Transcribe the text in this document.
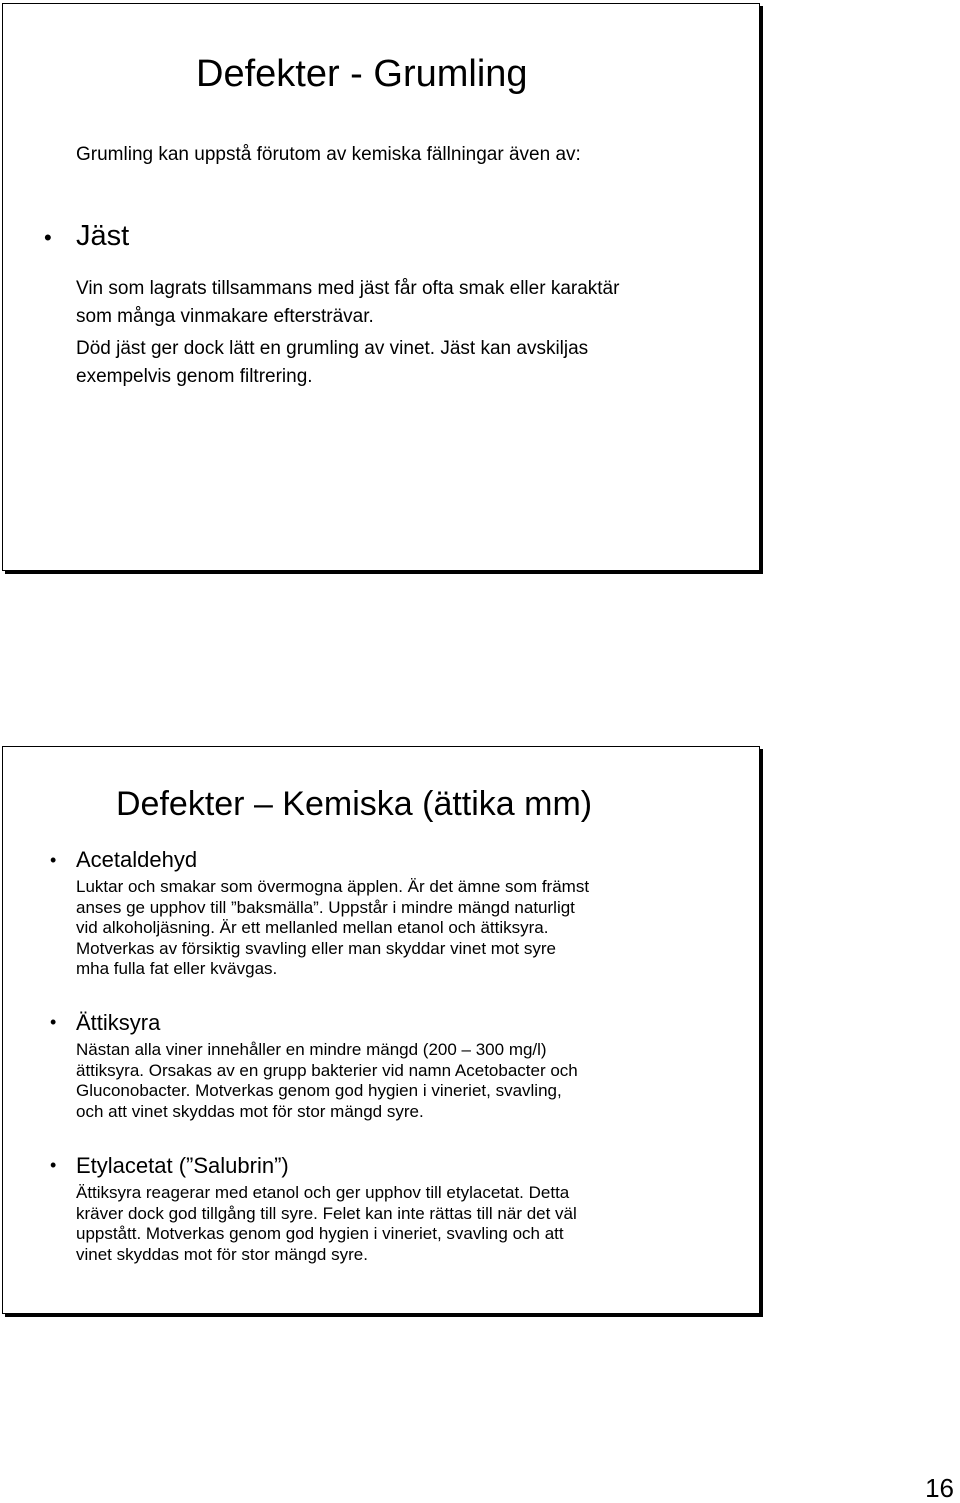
Defekter - Grumling
Grumling kan uppstå förutom av kemiska fällningar även av:
• Jäst
Vin som lagrats tillsammans med jäst får ofta smak eller karaktär
som många vinmakare eftersträvar.
Död jäst ger dock lätt en grumling av vinet. Jäst kan avskiljas
exempelvis genom filtrering.
Defekter – Kemiska (ättika mm)
• Acetaldehyd
Luktar och smakar som övermogna äpplen. Är det ämne som främst
anses ge upphov till ”baksmälla”. Uppstår i mindre mängd naturligt
vid alkoholjäsning. Är ett mellanled mellan etanol och ättiksyra.
Motverkas av försiktig svavling eller man skyddar vinet mot syre
mha fulla fat eller kvävgas.
• Ättiksyra
Nästan alla viner innehåller en mindre mängd (200 – 300 mg/l)
ättiksyra. Orsakas av en grupp bakterier vid namn Acetobacter och
Gluconobacter. Motverkas genom god hygien i vineriet, svavling,
och att vinet skyddas mot för stor mängd syre.
• Etylacetat (”Salubrin”)
Ättiksyra reagerar med etanol och ger upphov till etylacetat. Detta
kräver dock god tillgång till syre. Felet kan inte rättas till när det väl
uppstått. Motverkas genom god hygien i vineriet, svavling och att
vinet skyddas mot för stor mängd syre.
16
